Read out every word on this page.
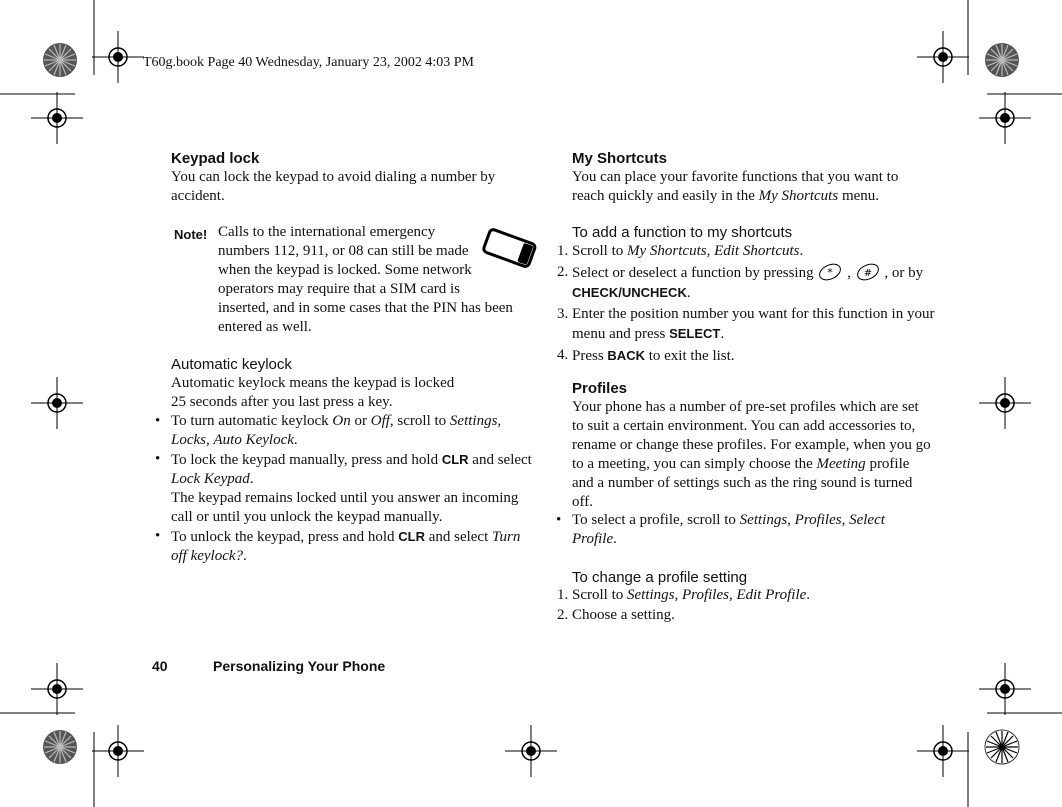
T60g.book Page 40 Wednesday, January 23, 2002 4:03 PM
Keypad lock

You can lock the keypad to avoid dialing a number by accident.

Note! Calls to the international emergency numbers 112, 911, or 08 can still be made when the keypad is locked. Some network operators may require that a SIM card is inserted, and in some cases that the PIN has been entered as well.
Automatic keylock

Automatic keylock means the keypad is locked 25 seconds after you last press a key.

• To turn automatic keylock On or Off, scroll to Settings, Locks, Auto Keylock.
• To lock the keypad manually, press and hold CLR and select Lock Keypad.
The keypad remains locked until you answer an incoming call or until you unlock the keypad manually.
• To unlock the keypad, press and hold CLR and select Turn off keylock?.
My Shortcuts

You can place your favorite functions that you want to reach quickly and easily in the My Shortcuts menu.

To add a function to my shortcuts
1. Scroll to My Shortcuts, Edit Shortcuts.
2. Select or deselect a function by pressing * , # , or by CHECK/UNCHECK.
3. Enter the position number you want for this function in your menu and press SELECT.
4. Press BACK to exit the list.
Profiles

Your phone has a number of pre-set profiles which are set to suit a certain environment. You can add accessories to, rename or change these profiles. For example, when you go to a meeting, you can simply choose the Meeting profile and a number of settings such as the ring sound is turned off.

• To select a profile, scroll to Settings, Profiles, Select Profile.
To change a profile setting
1. Scroll to Settings, Profiles, Edit Profile.
2. Choose a setting.
40	Personalizing Your Phone
